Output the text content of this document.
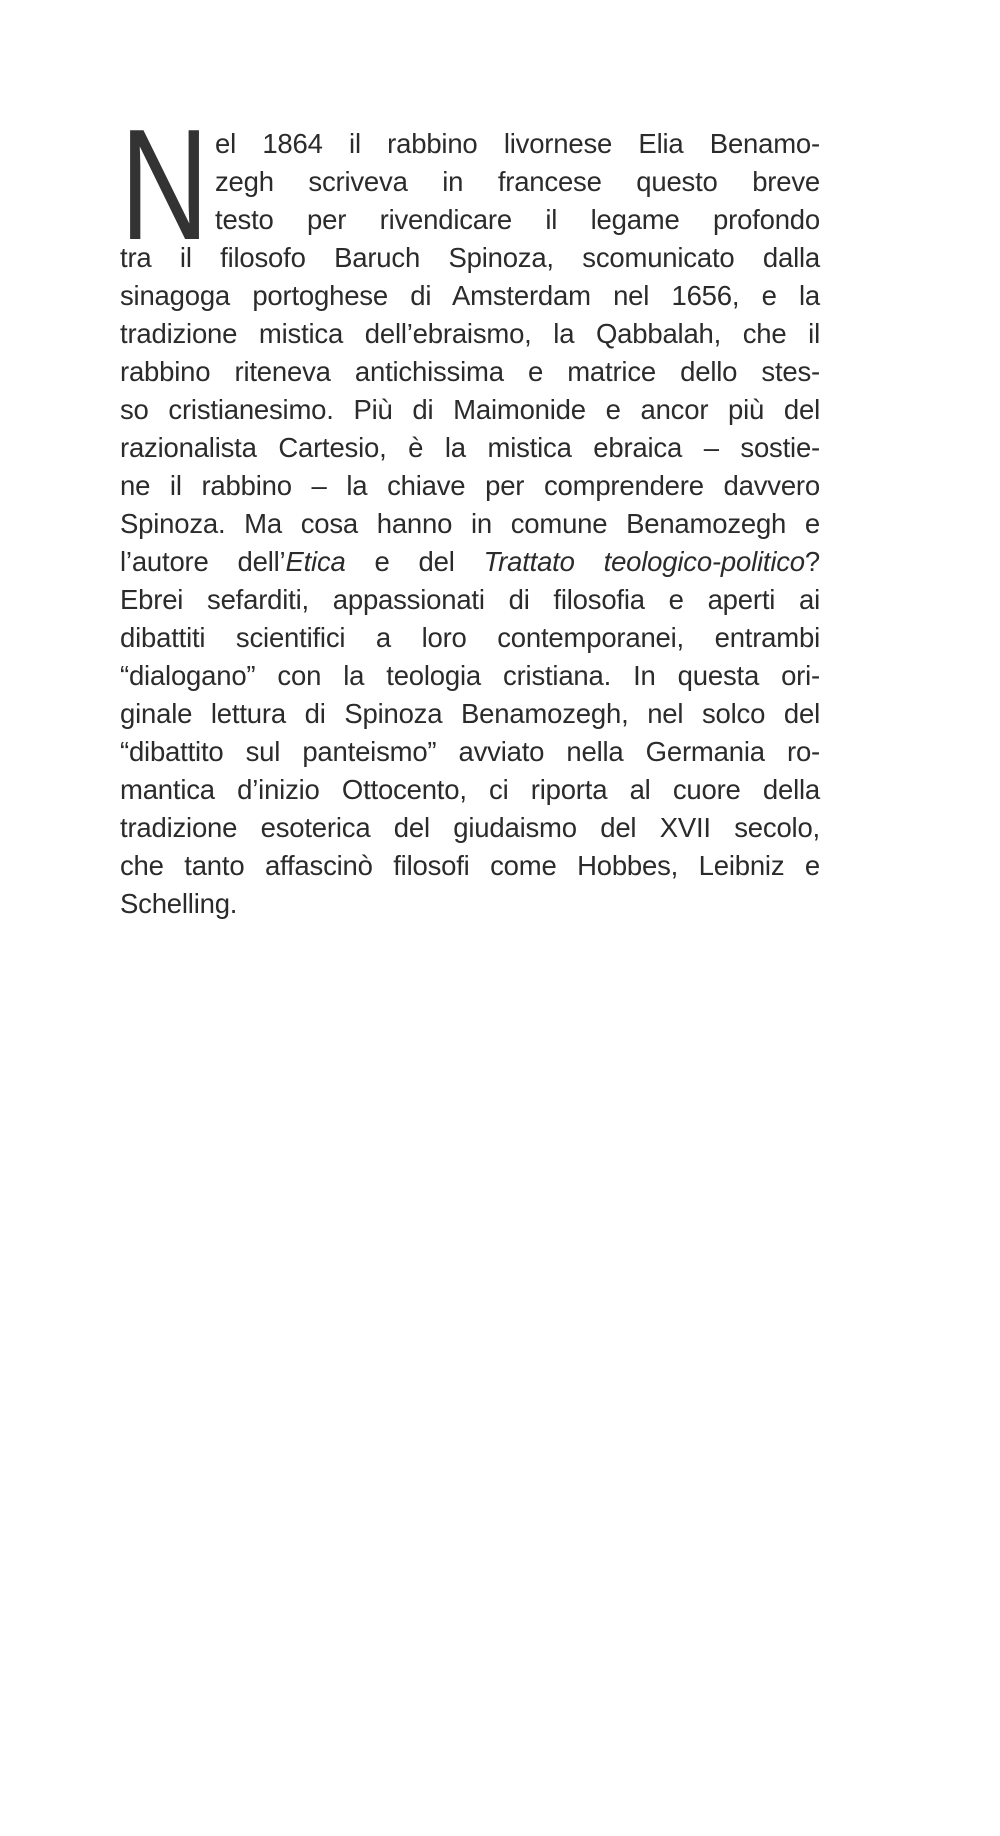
N el 1864 il rabbino livornese Elia Benamo-
zegh scriveva in francese questo breve
testo per rivendicare il legame profondo
tra il filosofo Baruch Spinoza, scomunicato dalla
sinagoga portoghese di Amsterdam nel 1656, e la
tradizione mistica dell’ebraismo, la Qabbalah, che il
rabbino riteneva antichissima e matrice dello stes-
so cristianesimo. Più di Maimonide e ancor più del
razionalista Cartesio, è la mistica ebraica – sostie-
ne il rabbino – la chiave per comprendere davvero
Spinoza. Ma cosa hanno in comune Benamozegh e
l’autore dell’Etica e del Trattato teologico-politico?
Ebrei sefarditi, appassionati di filosofia e aperti ai
dibattiti scientifici a loro contemporanei, entrambi
“dialogano” con la teologia cristiana. In questa ori-
ginale lettura di Spinoza Benamozegh, nel solco del
“dibattito sul panteismo” avviato nella Germania ro-
mantica d’inizio Ottocento, ci riporta al cuore della
tradizione esoterica del giudaismo del XVII secolo,
che tanto affascinò filosofi come Hobbes, Leibniz e
Schelling.
